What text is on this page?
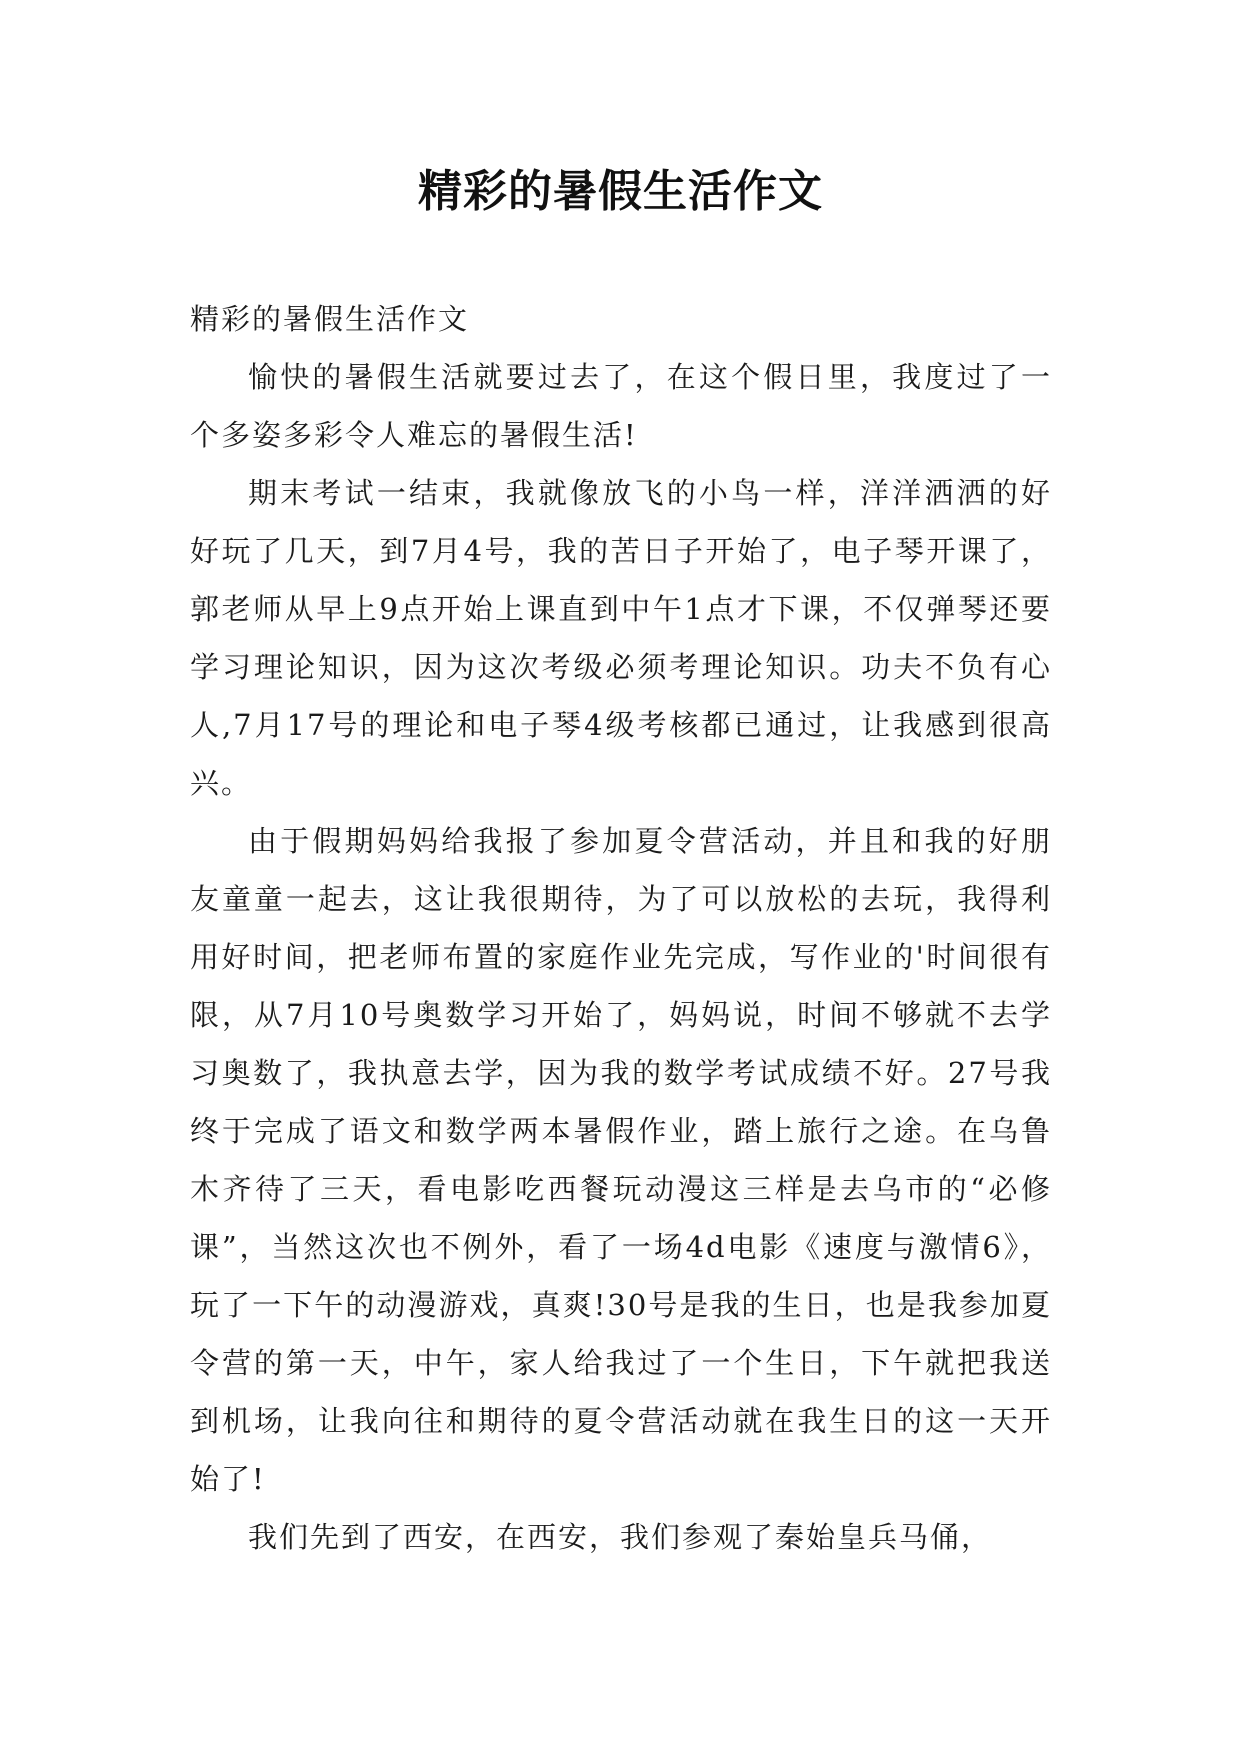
精彩的暑假生活作文

精彩的暑假生活作文

愉快的暑假生活就要过去了，在这个假日里，我度过了一个多姿多彩令人难忘的暑假生活!

期末考试一结束，我就像放飞的小鸟一样，洋洋洒洒的好好玩了几天，到7月4号，我的苦日子开始了，电子琴开课了，郭老师从早上9点开始上课直到中午1点才下课，不仅弹琴还要学习理论知识，因为这次考级必须考理论知识。功夫不负有心人,7月17号的理论和电子琴4级考核都已通过，让我感到很高兴。

由于假期妈妈给我报了参加夏令营活动，并且和我的好朋友童童一起去，这让我很期待，为了可以放松的去玩，我得利用好时间，把老师布置的家庭作业先完成，写作业的'时间很有限，从7月10号奥数学习开始了，妈妈说，时间不够就不去学习奥数了，我执意去学，因为我的数学考试成绩不好。27号我终于完成了语文和数学两本暑假作业，踏上旅行之途。在乌鲁木齐待了三天，看电影吃西餐玩动漫这三样是去乌市的“必修课”，当然这次也不例外，看了一场4d电影《速度与激情6》，玩了一下午的动漫游戏，真爽!30号是我的生日，也是我参加夏令营的第一天，中午，家人给我过了一个生日，下午就把我送到机场，让我向往和期待的夏令营活动就在我生日的这一天开始了!

我们先到了西安，在西安，我们参观了秦始皇兵马俑，
